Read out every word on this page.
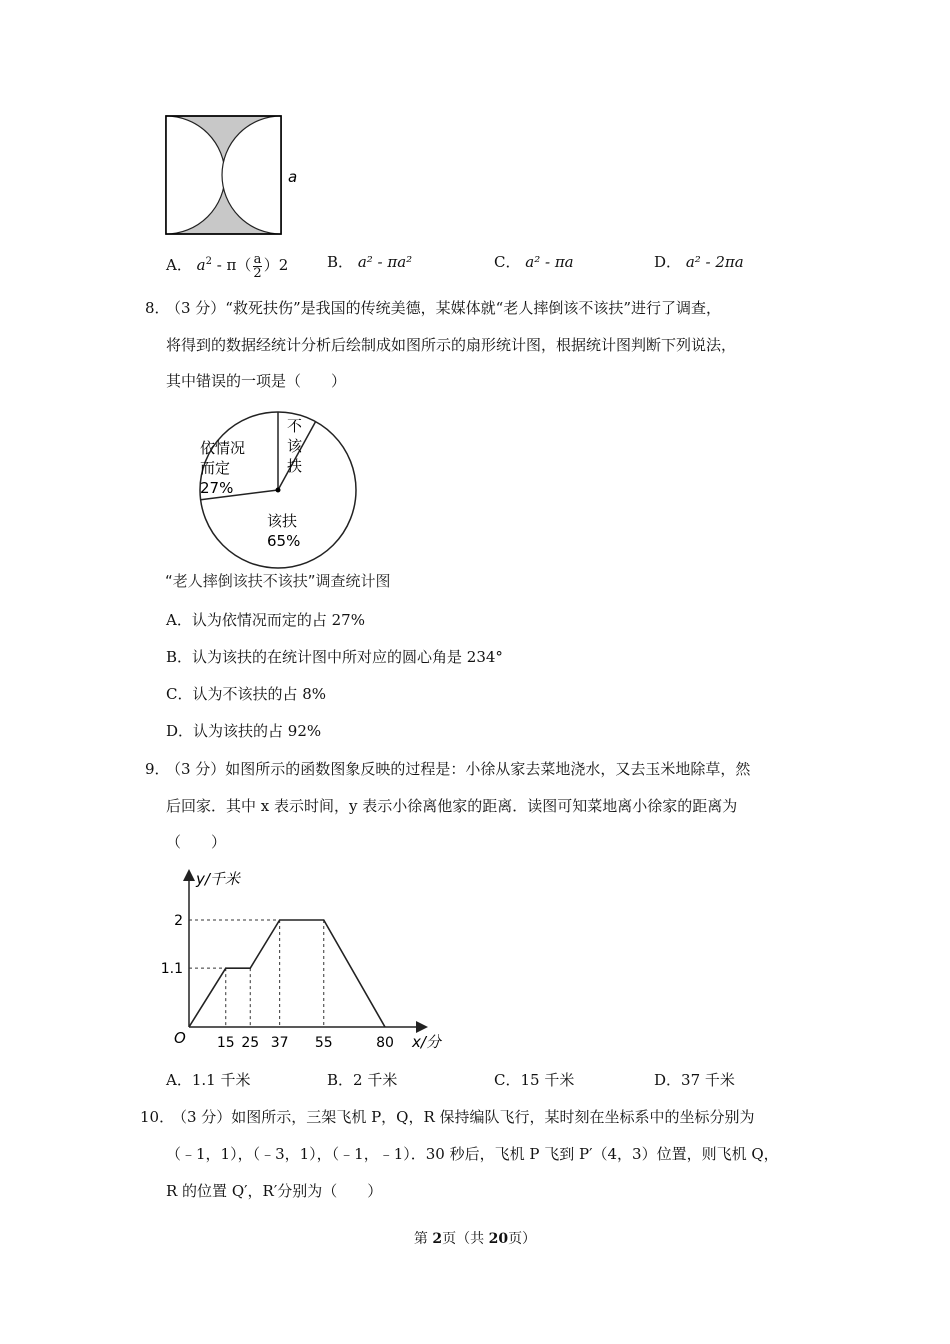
a
A． $a^2 - \pi( \frac{a}{2} )2$	B． a² - πa²	C． a² - πa	D． a² - 2πa
8．
（3 分）“救死扶伤”是我国的传统美德，某媒体就“老人摔倒该不该扶”进行了调查，
将得到的数据经统计分析后绘制成如图所示的扇形统计图，根据统计图判断下列说法，
其中错误的一项是（　　）
依情况
而定
27%
不
该
扶
该扶
65%
“老人摔倒该扶不该扶”调查统计图
A．认为依情况而定的占 27%
B．认为该扶的在统计图中所对应的圆心角是 234°
C．认为不该扶的占 8%
D．认为该扶的占 92%
9．
（3 分）如图所示的函数图象反映的过程是：小徐从家去菜地浇水，又去玉米地除草，然
后回家．其中 x 表示时间，y 表示小徐离他家的距离．读图可知菜地离小徐家的距离为
（　　）
1.1
2
15 25 37 55	80
y/千米
x/分
O
A．1.1 千米	B．2 千米	C．15 千米	D．37 千米
10．
（3 分）如图所示，三架飞机 P，Q，R 保持编队飞行，某时刻在坐标系中的坐标分别为
（﹣1，1），（﹣3，1），（﹣1，﹣1）．30 秒后，飞机 P 飞到 P′（4，3）位置，则飞机 Q，
R 的位置 Q′，R′分别为（　　）
第 2页（共 20页）
